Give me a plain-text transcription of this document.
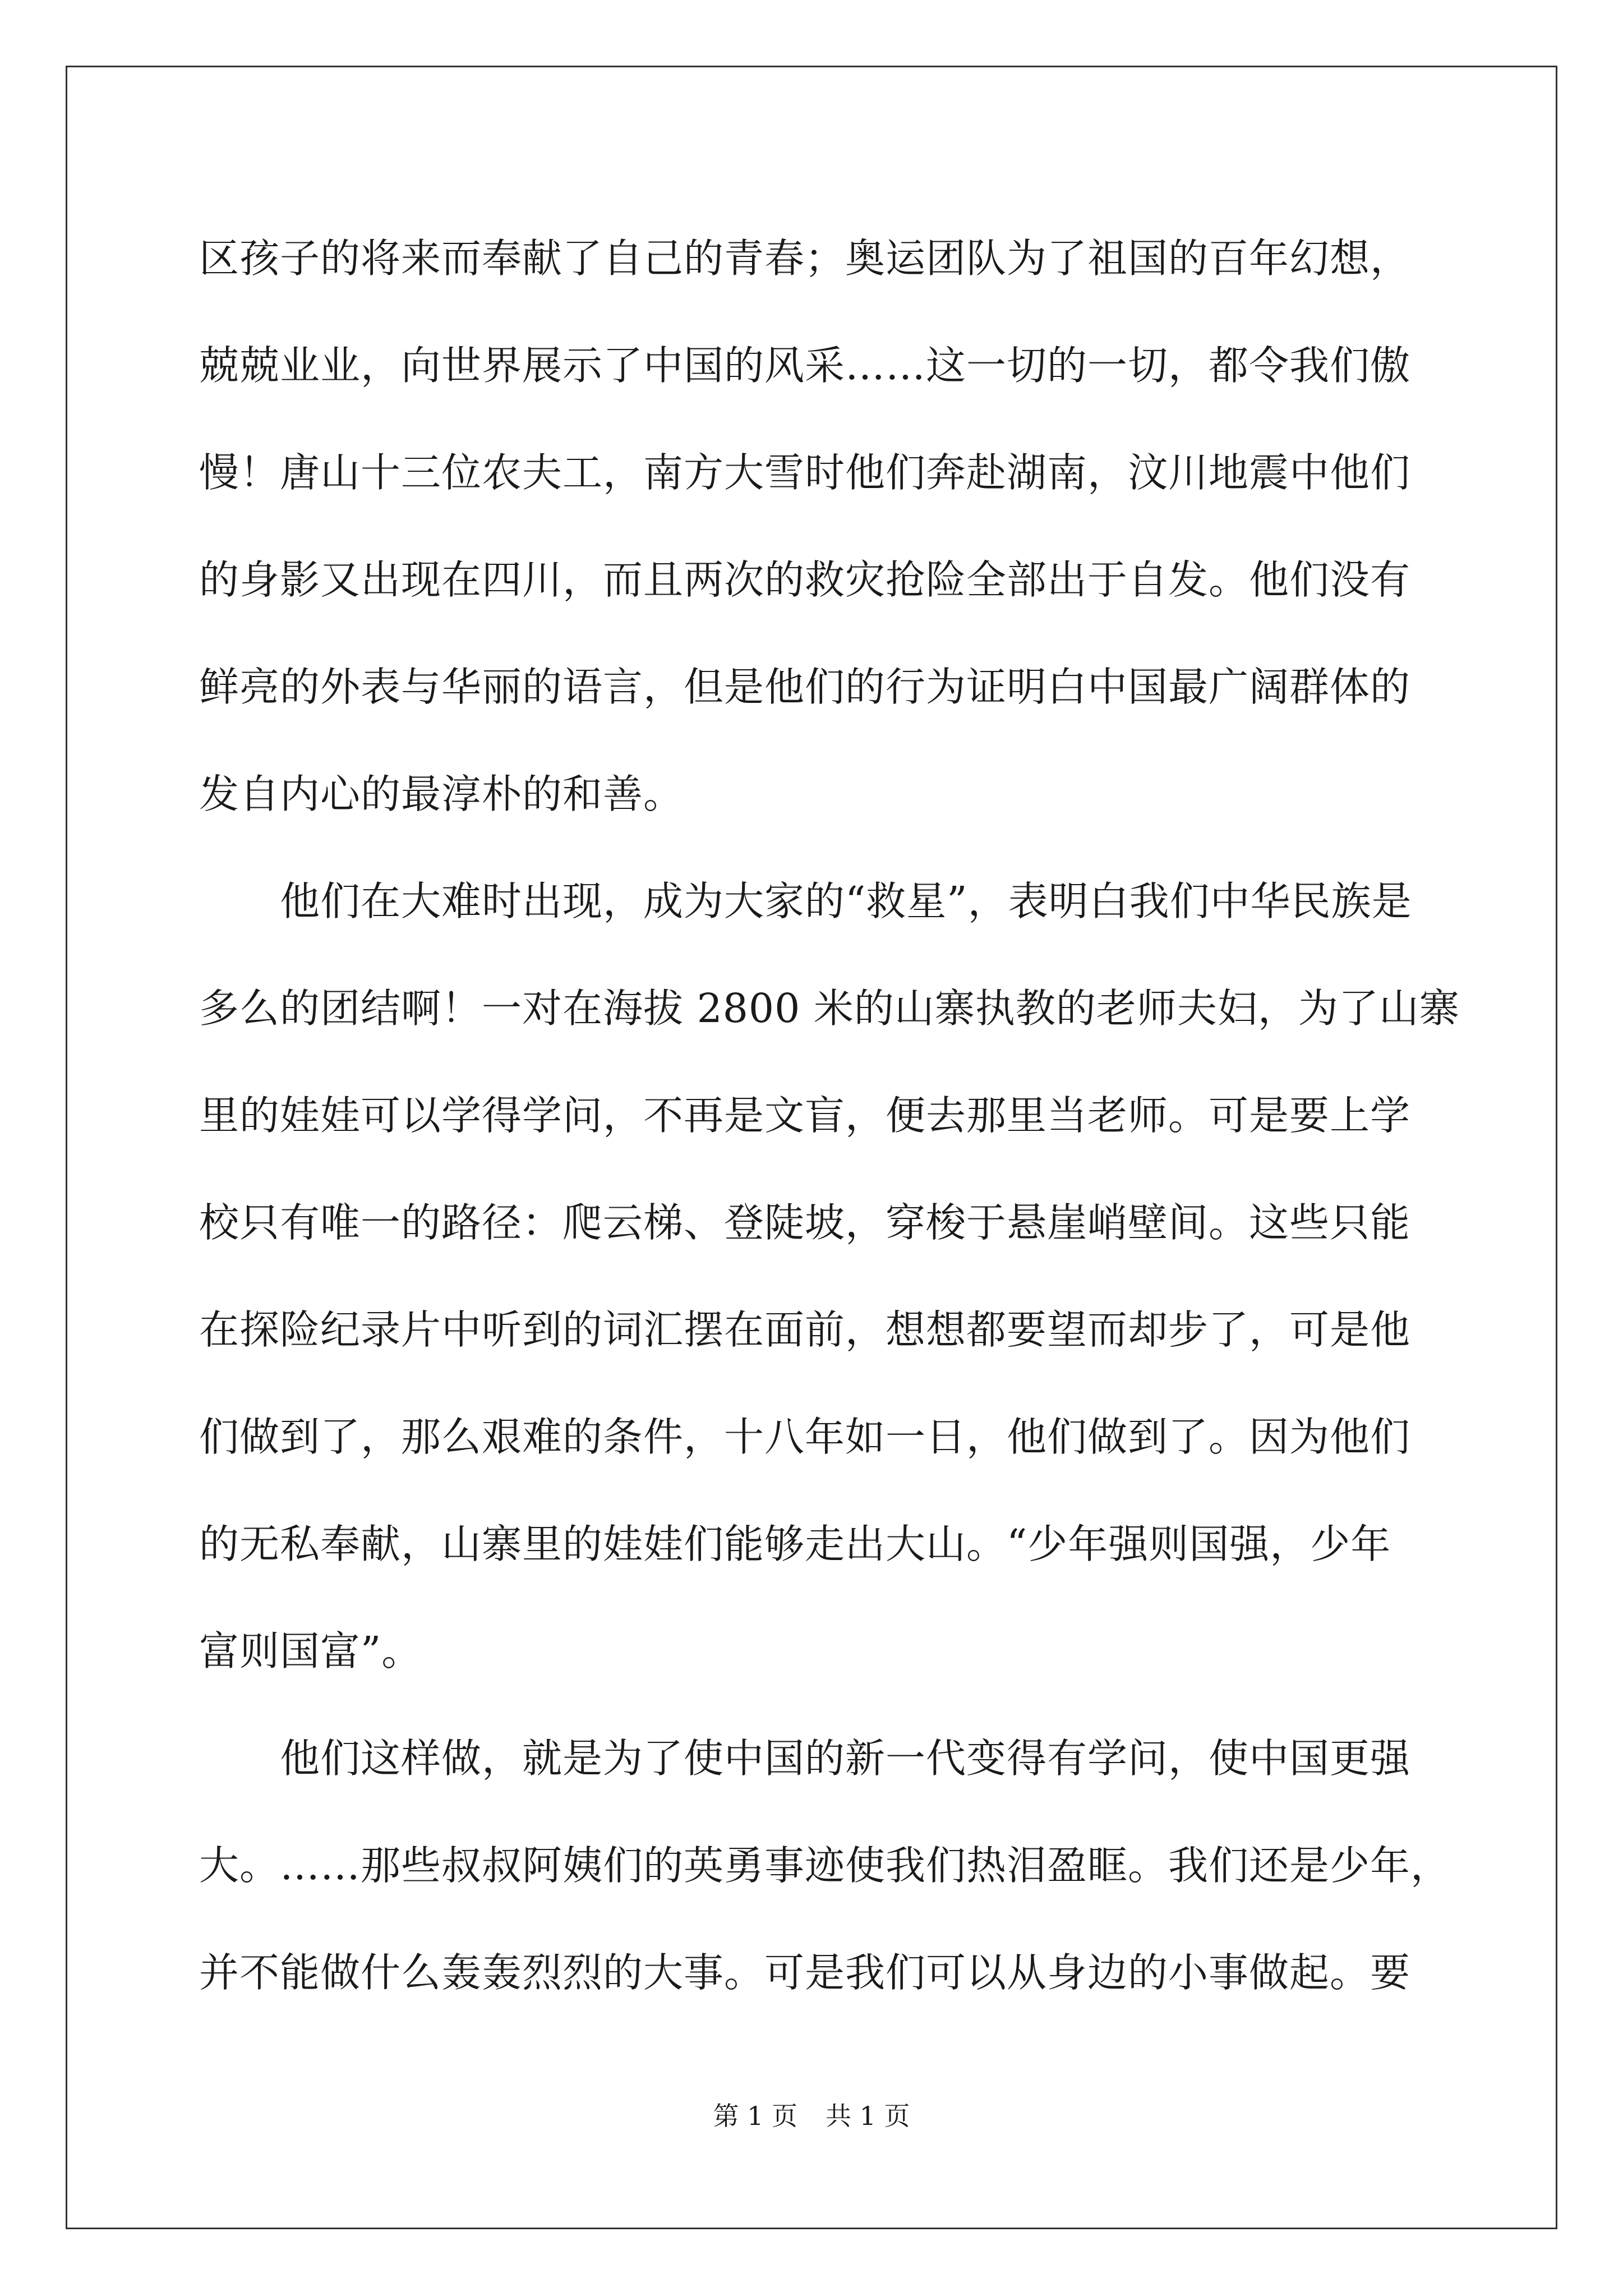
区孩子的将来而奉献了自己的青春；奥运团队为了祖国的百年幻想，
兢兢业业，向世界展示了中国的风采……这一切的一切，都令我们傲
慢！唐山十三位农夫工，南方大雪时他们奔赴湖南，汶川地震中他们
的身影又出现在四川，而且两次的救灾抢险全部出于自发。他们没有
鲜亮的外表与华丽的语言，但是他们的行为证明白中国最广阔群体的
发自内心的最淳朴的和善。
　　他们在大难时出现，成为大家的“救星”，表明白我们中华民族是
多么的团结啊！一对在海拔 2800 米的山寨执教的老师夫妇，为了山寨
里的娃娃可以学得学问，不再是文盲，便去那里当老师。可是要上学
校只有唯一的路径：爬云梯、登陡坡，穿梭于悬崖峭壁间。这些只能
在探险纪录片中听到的词汇摆在面前，想想都要望而却步了，可是他
们做到了，那么艰难的条件，十八年如一日，他们做到了。因为他们
的无私奉献，山寨里的娃娃们能够走出大山。“少年强则国强，少年
富则国富”。
　　他们这样做，就是为了使中国的新一代变得有学问，使中国更强
大。……那些叔叔阿姨们的英勇事迹使我们热泪盈眶。我们还是少年，
并不能做什么轰轰烈烈的大事。可是我们可以从身边的小事做起。要
第 1 页 共 1 页
